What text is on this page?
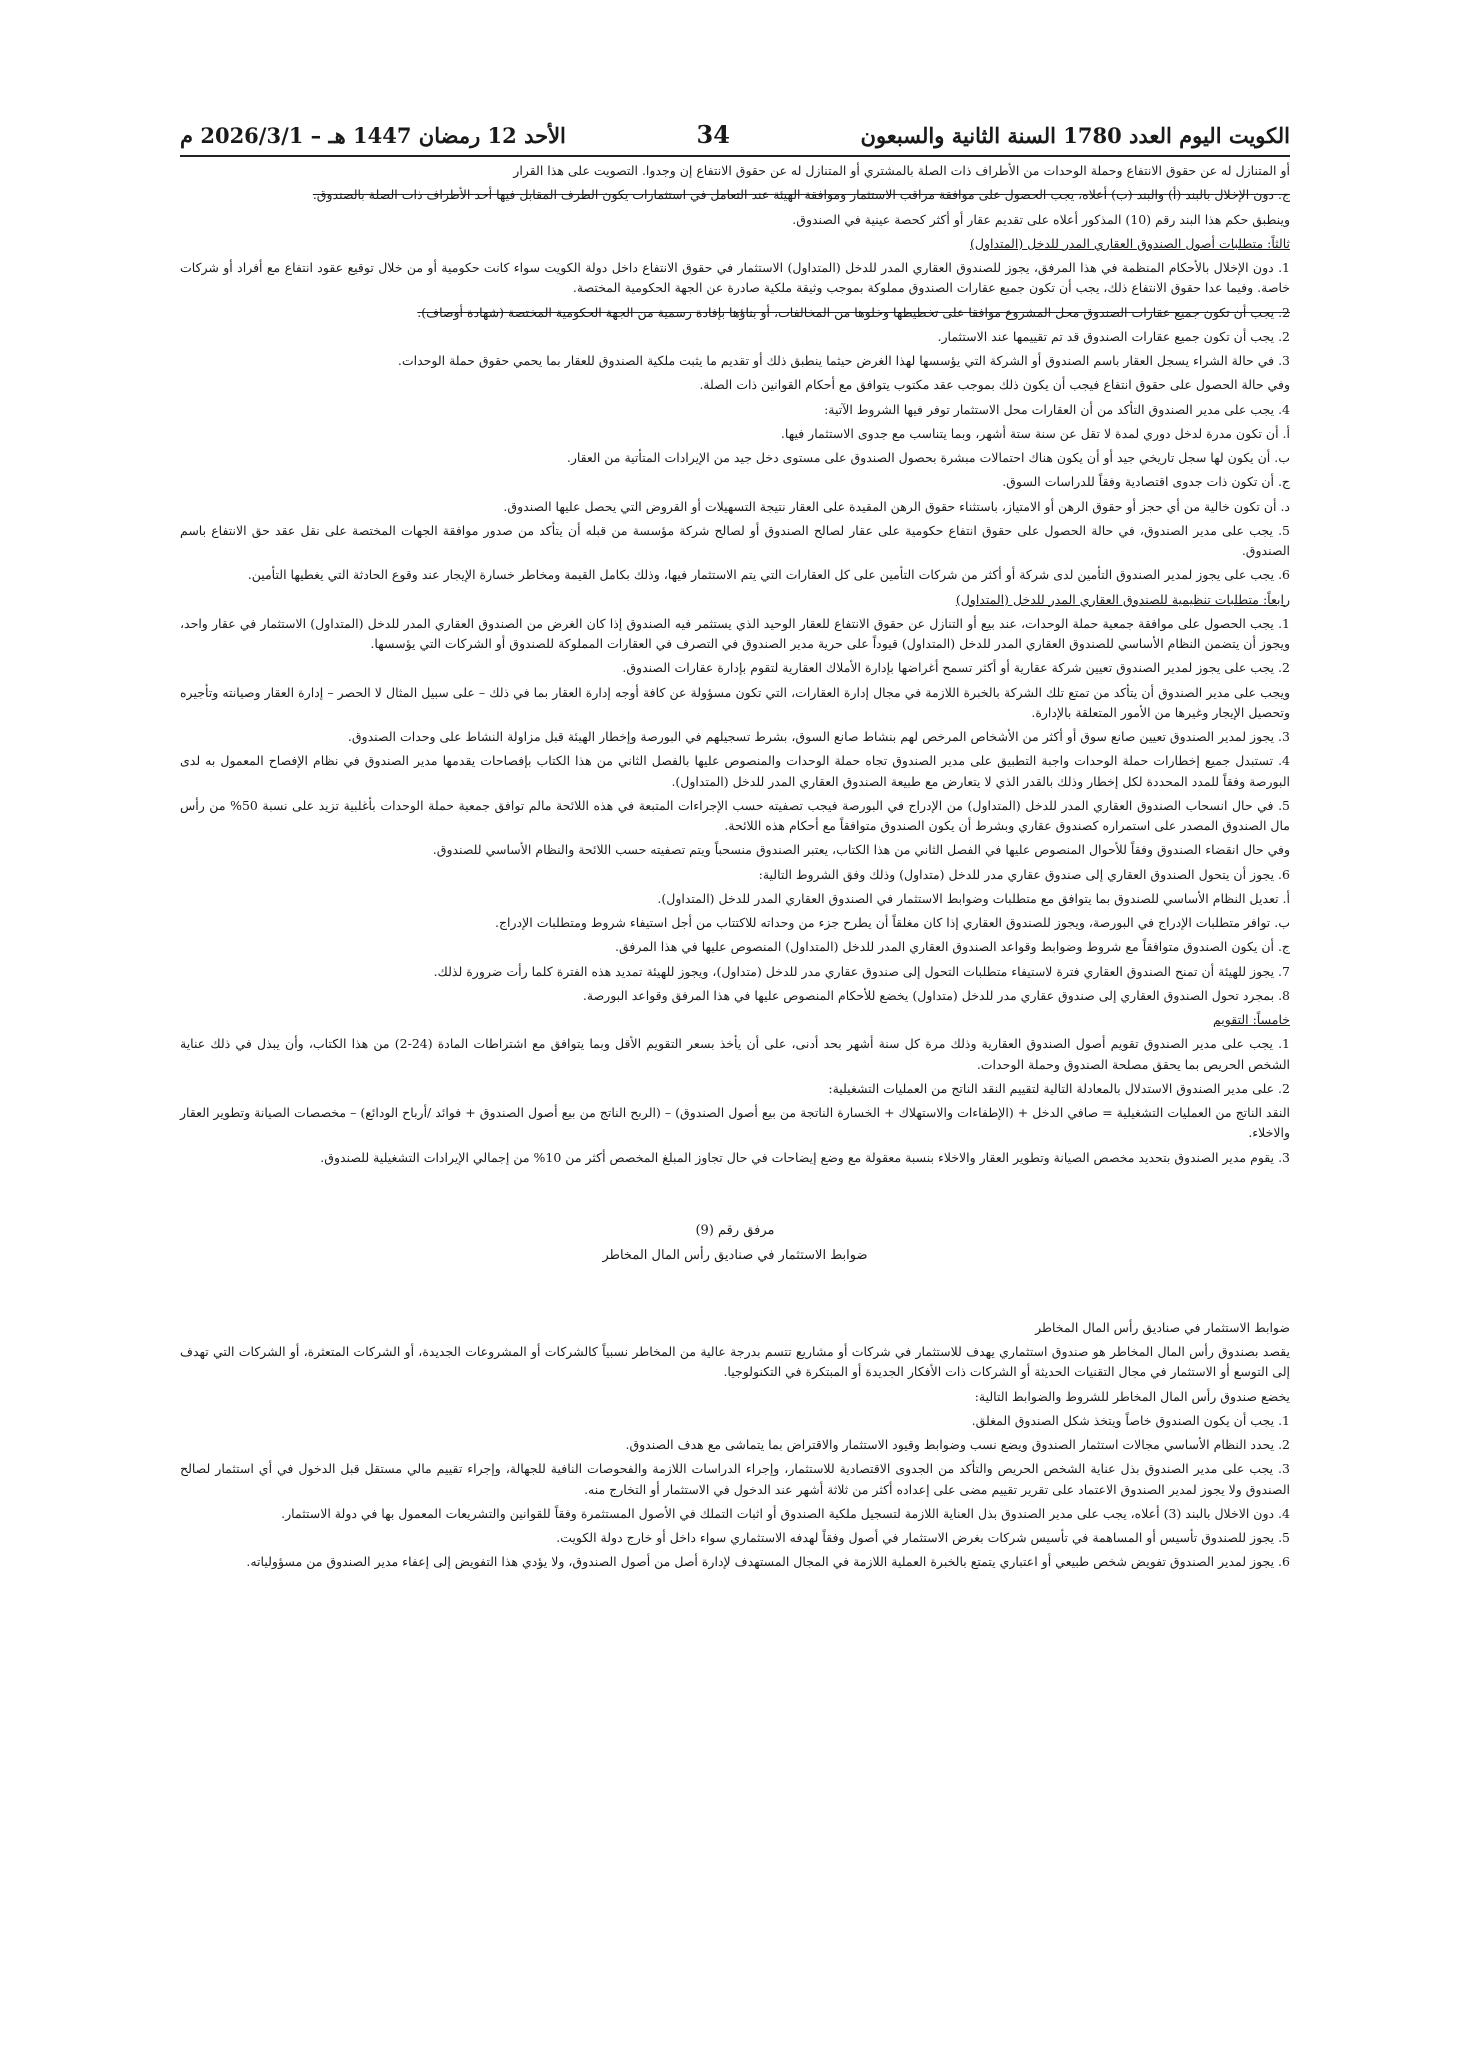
الكويت اليوم العدد 1780 السنة الثانية والسبعون
34
الأحد 12 رمضان 1447 هـ – 2026/3/1 م

أو المتنازل له عن حقوق الانتفاع وحملة الوحدات من الأطراف ذات الصلة بالمشتري أو المتنازل له عن حقوق الانتفاع إن وجدوا. التصويت على هذا القرار

ج. دون الإخلال بالبند (أ) والبند (ب) أعلاه، يجب الحصول على موافقة مراقب الاستثمار وموافقة الهيئة عند التعامل في استثمارات يكون الطرف المقابل فيها أحد الأطراف ذات الصلة بالصندوق.

وينطبق حكم هذا البند رقم (10) المذكور أعلاه على تقديم عقار أو أكثر كحصة عينية في الصندوق.

ثالثاً: متطلبات أصول الصندوق العقاري المدر للدخل (المتداول)

1. دون الإخلال بالأحكام المنظمة في هذا المرفق، يجوز للصندوق العقاري المدر للدخل (المتداول) الاستثمار في حقوق الانتفاع داخل دولة الكويت سواء كانت حكومية أو من خلال توقيع عقود انتفاع مع أفراد أو شركات خاصة. وفيما عدا حقوق الانتفاع ذلك، يجب أن تكون جميع عقارات الصندوق مملوكة بموجب وثيقة ملكية صادرة عن الجهة الحكومية المختصة.

2. يجب أن تكون جميع عقارات الصندوق محل المشروع موافقا على تخطيطها وخلوها من المخالفات، أو بناؤها بإفادة رسمية من الجهة الحكومية المختصة (شهادة أوصاف).

2. يجب أن تكون جميع عقارات الصندوق قد تم تقييمها عند الاستثمار.

3. في حالة الشراء يسجل العقار باسم الصندوق أو الشركة التي يؤسسها لهذا الغرض حيثما ينطبق ذلك أو تقديم ما يثبت ملكية الصندوق للعقار بما يحمي حقوق حملة الوحدات.

وفي حالة الحصول على حقوق انتفاع فيجب أن يكون ذلك بموجب عقد مكتوب يتوافق مع أحكام القوانين ذات الصلة.

4. يجب على مدير الصندوق التأكد من أن العقارات محل الاستثمار توفر فيها الشروط الآتية:

أ. أن تكون مدرة لدخل دوري لمدة لا تقل عن سنة ستة أشهر، وبما يتناسب مع جدوى الاستثمار فيها.

ب. أن يكون لها سجل تاريخي جيد أو أن يكون هناك احتمالات مبشرة بحصول الصندوق على مستوى دخل جيد من الإيرادات المتأتية من العقار.

ج. أن تكون ذات جدوى اقتصادية وفقاً للدراسات السوق.

د. أن تكون خالية من أي حجز أو حقوق الرهن أو الامتياز، باستثناء حقوق الرهن المقيدة على العقار نتيجة التسهيلات أو القروض التي يحصل عليها الصندوق.

5. يجب على مدير الصندوق، في حالة الحصول على حقوق انتفاع حكومية على عقار لصالح الصندوق أو لصالح شركة مؤسسة من قبله أن يتأكد من صدور موافقة الجهات المختصة على نقل عقد حق الانتفاع باسم الصندوق.

6. يجب على يجوز لمدير الصندوق التأمين لدى شركة أو أكثر من شركات التأمين على كل العقارات التي يتم الاستثمار فيها، وذلك بكامل القيمة ومخاطر خسارة الإيجار عند وقوع الحادثة التي يغطيها التأمين.

رابعاً: متطلبات تنظيمية للصندوق العقاري المدر للدخل (المتداول)

1. يجب الحصول على موافقة جمعية حملة الوحدات، عند بيع أو التنازل عن حقوق الانتفاع للعقار الوحيد الذي يستثمر فيه الصندوق إذا كان الغرض من الصندوق العقاري المدر للدخل (المتداول) الاستثمار في عقار واحد، ويجوز أن يتضمن النظام الأساسي للصندوق العقاري المدر للدخل (المتداول) قيوداً على حرية مدير الصندوق في التصرف في العقارات المملوكة للصندوق أو الشركات التي يؤسسها.

2. يجب على يجوز لمدير الصندوق تعيين شركة عقارية أو أكثر تسمح أغراضها بإدارة الأملاك العقارية لتقوم بإدارة عقارات الصندوق.

ويجب على مدير الصندوق أن يتأكد من تمتع تلك الشركة بالخبرة اللازمة في مجال إدارة العقارات، التي تكون مسؤولة عن كافة أوجه إدارة العقار بما في ذلك – على سبيل المثال لا الحصر – إدارة العقار وصيانته وتأجيره وتحصيل الإيجار وغيرها من الأمور المتعلقة بالإدارة.

3. يجوز لمدير الصندوق تعيين صانع سوق أو أكثر من الأشخاص المرخص لهم بنشاط صانع السوق، بشرط تسجيلهم في البورصة وإخطار الهيئة قبل مزاولة النشاط على وحدات الصندوق.

4. تستبدل جميع إخطارات حملة الوحدات واجبة التطبيق على مدير الصندوق تجاه حملة الوحدات والمنصوص عليها بالفصل الثاني من هذا الكتاب بإفصاحات يقدمها مدير الصندوق في نظام الإفصاح المعمول به لدى البورصة وفقاً للمدد المحددة لكل إخطار وذلك بالقدر الذي لا يتعارض مع طبيعة الصندوق العقاري المدر للدخل (المتداول).

5. في حال انسحاب الصندوق العقاري المدر للدخل (المتداول) من الإدراج في البورصة فيجب تصفيته حسب الإجراءات المتبعة في هذه اللائحة مالم توافق جمعية حملة الوحدات بأغلبية تزيد على نسبة 50% من رأس مال الصندوق المصدر على استمراره كصندوق عقاري وبشرط أن يكون الصندوق متوافقاً مع أحكام هذه اللائحة.

وفي حال انقضاء الصندوق وفقاً للأحوال المنصوص عليها في الفصل الثاني من هذا الكتاب، يعتبر الصندوق منسحباً ويتم تصفيته حسب اللائحة والنظام الأساسي للصندوق.

6. يجوز أن يتحول الصندوق العقاري إلى صندوق عقاري مدر للدخل (متداول) وذلك وفق الشروط التالية:

أ. تعديل النظام الأساسي للصندوق بما يتوافق مع متطلبات وضوابط الاستثمار في الصندوق العقاري المدر للدخل (المتداول).

ب. توافر متطلبات الإدراج في البورصة، ويجوز للصندوق العقاري إذا كان مغلقاً أن يطرح جزء من وحداته للاكتتاب من أجل استيفاء شروط ومتطلبات الإدراج.

ج. أن يكون الصندوق متوافقاً مع شروط وضوابط وقواعد الصندوق العقاري المدر للدخل (المتداول) المنصوص عليها في هذا المرفق.

7. يجوز للهيئة أن تمنح الصندوق العقاري فترة لاستيفاء متطلبات التحول إلى صندوق عقاري مدر للدخل (متداول)، ويجوز للهيئة تمديد هذه الفترة كلما رأت ضرورة لذلك.

8. بمجرد تحول الصندوق العقاري إلى صندوق عقاري مدر للدخل (متداول) يخضع للأحكام المنصوص عليها في هذا المرفق وقواعد البورصة.

خامساً: التقويم

1. يجب على مدير الصندوق تقويم أصول الصندوق العقارية وذلك مرة كل سنة أشهر بحد أدنى، على أن يأخذ بسعر التقويم الأقل وبما يتوافق مع اشتراطات المادة (24-2) من هذا الكتاب، وأن يبذل في ذلك عناية الشخص الحريص بما يحقق مصلحة الصندوق وحملة الوحدات.

2. على مدير الصندوق الاستدلال بالمعادلة التالية لتقييم النقد الناتج من العمليات التشغيلية:

النقد الناتج من العمليات التشغيلية = صافي الدخل + (الإطفاءات والاستهلاك + الخسارة الناتجة من بيع أصول الصندوق) – (الربح الناتج من بيع أصول الصندوق + فوائد /أرباح الودائع) – مخصصات الصيانة وتطوير العقار والاخلاء.

3. يقوم مدير الصندوق بتحديد مخصص الصيانة وتطوير العقار والاخلاء بنسبة معقولة مع وضع إيضاحات في حال تجاوز المبلغ المخصص أكثر من 10% من إجمالي الإيرادات التشغيلية للصندوق.

مرفق رقم (9)

ضوابط الاستثمار في صناديق رأس المال المخاطر

ضوابط الاستثمار في صناديق رأس المال المخاطر

يقصد بصندوق رأس المال المخاطر هو صندوق استثماري يهدف للاستثمار في شركات أو مشاريع تتسم بدرجة عالية من المخاطر نسبياً كالشركات أو المشروعات الجديدة، أو الشركات المتعثرة، أو الشركات التي تهدف إلى التوسع أو الاستثمار في مجال التقنيات الحديثة أو الشركات ذات الأفكار الجديدة أو المبتكرة في التكنولوجيا.

يخضع صندوق رأس المال المخاطر للشروط والضوابط التالية:

1. يجب أن يكون الصندوق خاصاً ويتخذ شكل الصندوق المغلق.

2. يحدد النظام الأساسي مجالات استثمار الصندوق ويضع نسب وضوابط وقيود الاستثمار والاقتراض بما يتماشى مع هدف الصندوق.

3. يجب على مدير الصندوق بذل عناية الشخص الحريص والتأكد من الجدوى الاقتصادية للاستثمار، وإجراء الدراسات اللازمة والفحوصات النافية للجهالة، وإجراء تقييم مالي مستقل قبل الدخول في أي استثمار لصالح الصندوق ولا يجوز لمدير الصندوق الاعتماد على تقرير تقييم مضى على إعداده أكثر من ثلاثة أشهر عند الدخول في الاستثمار أو التخارج منه.

4. دون الاخلال بالبند (3) أعلاه، يجب على مدير الصندوق بذل العناية اللازمة لتسجيل ملكية الصندوق أو اثبات التملك في الأصول المستثمرة وفقاً للقوانين والتشريعات المعمول بها في دولة الاستثمار.

5. يجوز للصندوق تأسيس أو المساهمة في تأسيس شركات بغرض الاستثمار في أصول وفقاً لهدفه الاستثماري سواء داخل أو خارج دولة الكويت.

6. يجوز لمدير الصندوق تفويض شخص طبيعي أو اعتباري يتمتع بالخبرة العملية اللازمة في المجال المستهدف لإدارة أصل من أصول الصندوق، ولا يؤدي هذا التفويض إلى إعفاء مدير الصندوق من مسؤولياته.
